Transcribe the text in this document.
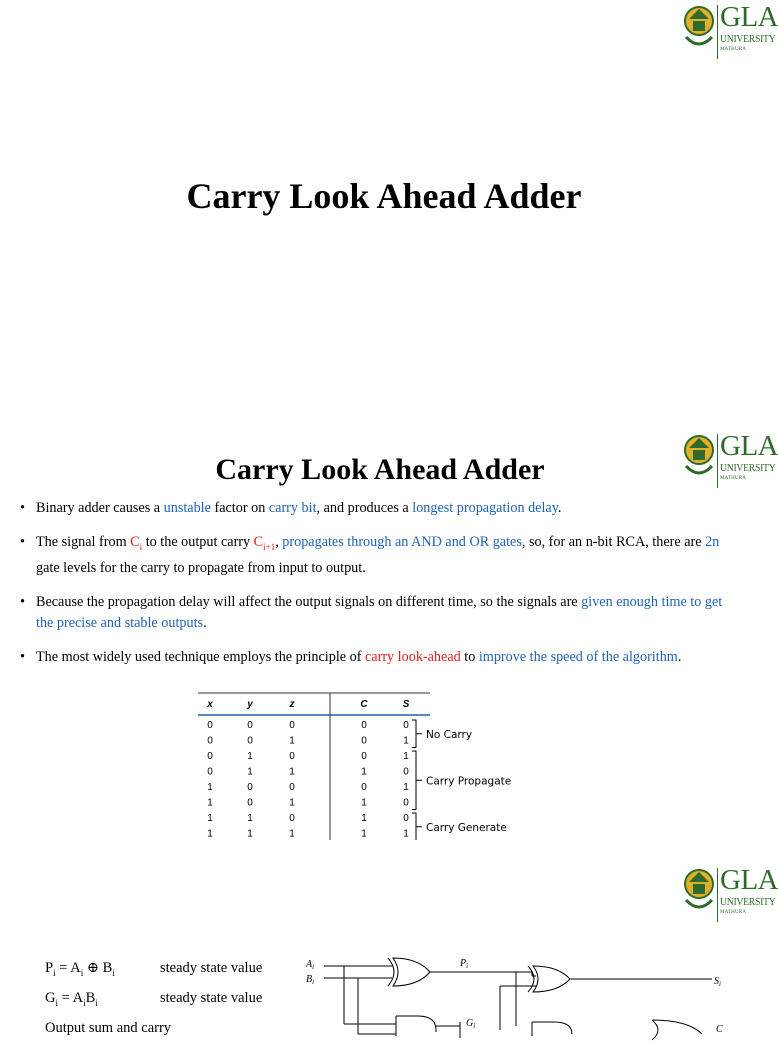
GLA
UNIVERSITY
MATHURA
Carry Look Ahead Adder
GLA
UNIVERSITY
MATHURA
Carry Look Ahead Adder
• Binary adder causes a unstable factor on carry bit, and produces a longest propagation delay.
• The signal from $C_i$ to the output carry $C_{i+1}$, propagates through an AND and OR gates, so, for an n-bit RCA, there are 2n gate levels for the carry to propagate from input to output.
• Because the propagation delay will affect the output signals on different time, so the signals are given enough time to get the precise and stable outputs.
• The most widely used technique employs the principle of carry look-ahead to improve the speed of the algorithm.
x	y	z	C	S
0	0	0	0	0
0	0	1	0	1
0	1	0	0	1
0	1	1	1	0
1	0	0	0	1
1	0	1	1	0
1	1	0	1	0
1	1	1	1	1
No Carry
Carry Propagate
Carry Generate
GLA
UNIVERSITY
MATHURA
$P_i = A_i$ ⊕ $B_i$	steady state value
$G_i = A_iB_i$	steady state value
Output sum and carry
$A_i$
$B_i$
$P_i$
$G_i$
$S_i$
C
